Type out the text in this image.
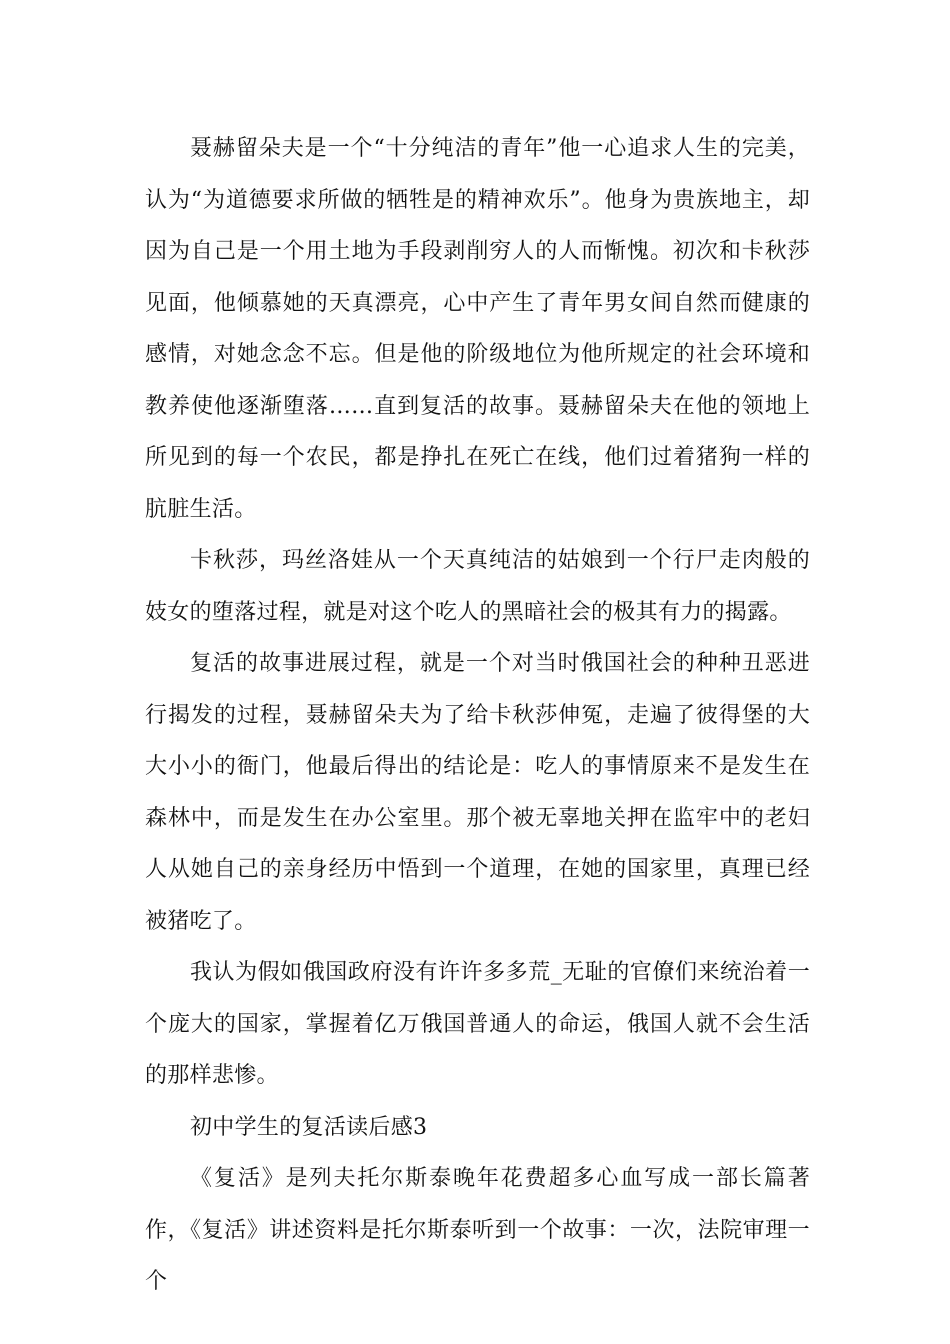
聂赫留朵夫是一个“十分纯洁的青年”他一心追求人生的完美，认为“为道德要求所做的牺牲是的精神欢乐”。他身为贵族地主，却因为自己是一个用土地为手段剥削穷人的人而惭愧。初次和卡秋莎见面，他倾慕她的天真漂亮，心中产生了青年男女间自然而健康的感情，对她念念不忘。但是他的阶级地位为他所规定的社会环境和教养使他逐渐堕落……直到复活的故事。聂赫留朵夫在他的领地上所见到的每一个农民，都是挣扎在死亡在线，他们过着猪狗一样的肮脏生活。

卡秋莎，玛丝洛娃从一个天真纯洁的姑娘到一个行尸走肉般的妓女的堕落过程，就是对这个吃人的黑暗社会的极其有力的揭露。

复活的故事进展过程，就是一个对当时俄国社会的种种丑恶进行揭发的过程，聂赫留朵夫为了给卡秋莎伸冤，走遍了彼得堡的大大小小的衙门，他最后得出的结论是：吃人的事情原来不是发生在森林中，而是发生在办公室里。那个被无辜地关押在监牢中的老妇人从她自己的亲身经历中悟到一个道理，在她的国家里，真理已经被猪吃了。

我认为假如俄国政府没有许许多多荒_无耻的官僚们来统治着一个庞大的国家，掌握着亿万俄国普通人的命运，俄国人就不会生活的那样悲惨。

初中学生的复活读后感3

《复活》是列夫托尔斯泰晚年花费超多心血写成一部长篇著作，《复活》讲述资料是托尔斯泰听到一个故事：一次，法院审理一个
